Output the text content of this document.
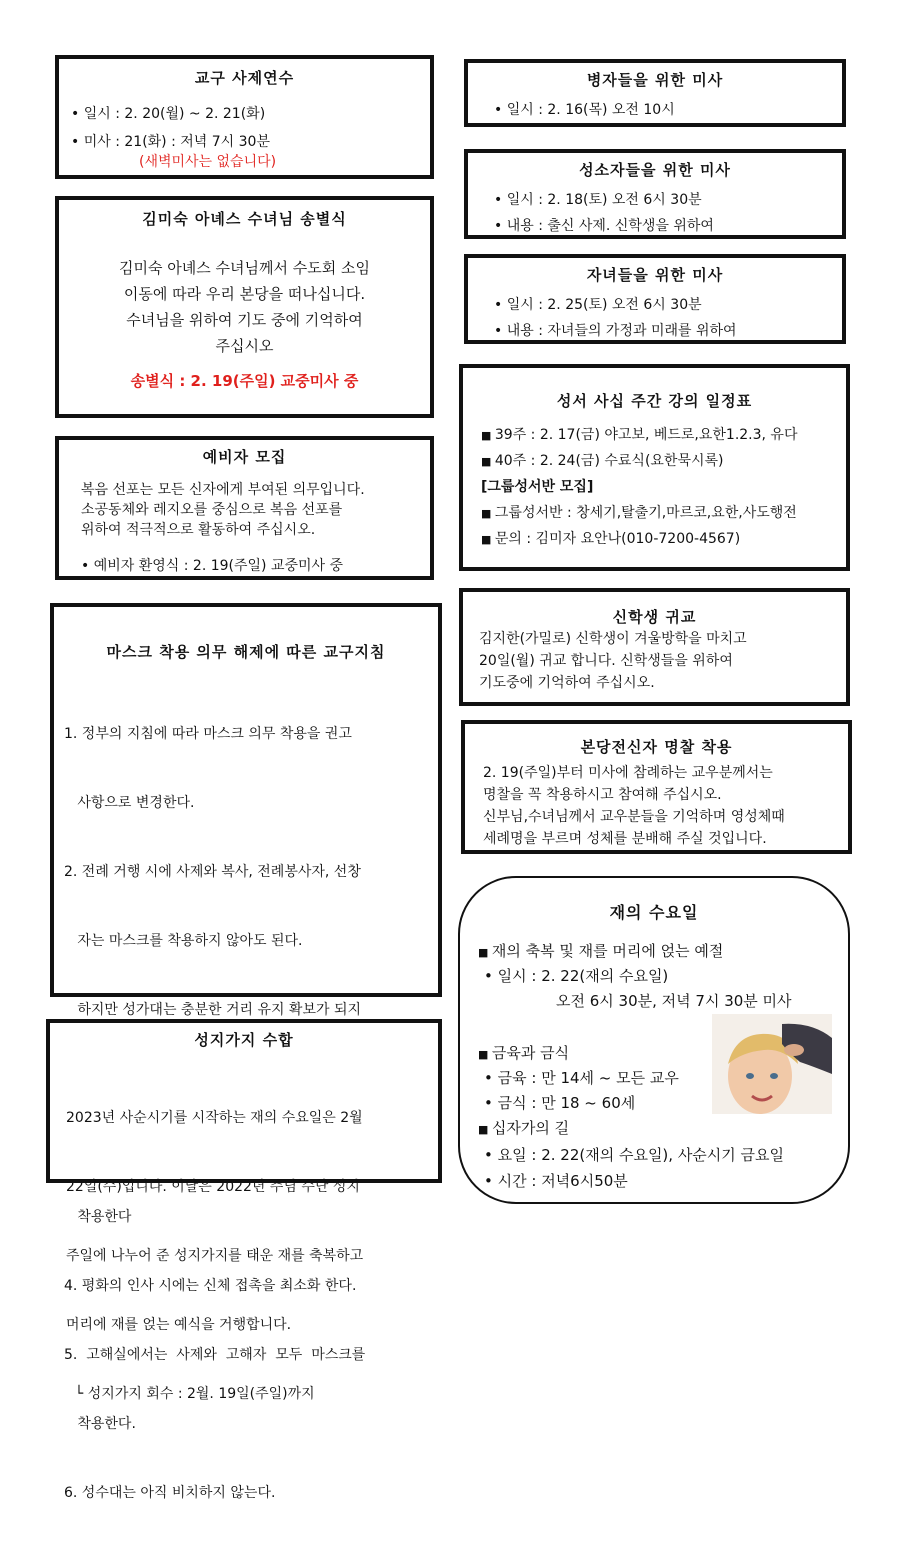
교구 사제연수
• 일시 : 2. 20(월) ~ 2. 21(화)
• 미사 : 21(화) : 저녁 7시 30분
(새벽미사는 없습니다)
김미숙 아녜스 수녀님 송별식
김미숙 아녜스 수녀님께서 수도회 소임
이동에 따라 우리 본당을 떠나십니다.
수녀님을 위하여 기도 중에 기억하여
주십시오
송별식 : 2. 19(주일) 교중미사 중
예비자 모집
복음 선포는 모든 신자에게 부여된 의무입니다.
소공동체와 레지오를 중심으로 복음 선포를
위하여 적극적으로 활동하여 주십시오.
• 예비자 환영식 : 2. 19(주일) 교중미사 중
마스크 착용 의무 해제에 따른 교구지침

1. 정부의 지침에 따라 마스크 의무 착용을 권고

사항으로 변경한다.

2. 전례 거행 시에 사제와 복사, 전례봉사자, 선창

자는 마스크를 착용하지 않아도 된다.

하지만 성가대는 충분한 거리 유지 확보가 되지

착용한다

4. 평화의 인사 시에는 신체 접촉을 최소화 한다.

5.  고해실에서는  사제와  고해자  모두  마스크를

착용한다.

6. 성수대는 아직 비치하지 않는다.

성지가지 수합

2023년 사순시기를 시작하는 재의 수요일은 2월

22일(수)입니다. 이날은 2022년 주님 수난 성지

주일에 나누어 준 성지가지를 태운 재를 축복하고

머리에 재를 얹는 예식을 거행합니다.

└ 성지가지 회수 : 2월. 19일(주일)까지

병자들을 위한 미사
• 일시 : 2. 16(목) 오전 10시
성소자들을 위한 미사
• 일시 : 2. 18(토) 오전 6시 30분
• 내용 : 출신 사제. 신학생을 위하여
자녀들을 위한 미사
• 일시 : 2. 25(토) 오전 6시 30분
• 내용 : 자녀들의 가정과 미래를 위하여
성서 사십 주간 강의 일정표
■ 39주 : 2. 17(금) 야고보, 베드로,요한1.2.3, 유다
■ 40주 : 2. 24(금) 수료식(요한묵시록)
[그룹성서반 모집]
■ 그룹성서반 : 창세기,탈출기,마르코,요한,사도행전
■ 문의 : 김미자 요안나(010-7200-4567)
신학생 귀교
김지한(가밀로) 신학생이 겨울방학을 마치고
20일(월) 귀교 합니다. 신학생들을 위하여
기도중에 기억하여 주십시오.
본당전신자 명찰 착용
2. 19(주일)부터 미사에 참례하는 교우분께서는
명찰을 꼭 착용하시고 참여해 주십시오.
신부님,수녀님께서 교우분들을 기억하며 영성체때
세례명을 부르며 성체를 분배해 주실 것입니다.
재의 수요일
■ 재의 축복 및 재를 머리에 얹는 예절
• 일시 : 2. 22(재의 수요일)
오전 6시 30분, 저녁 7시 30분 미사
■ 금육과 금식
• 금육 : 만 14세 ~ 모든 교우
• 금식 : 만 18 ~ 60세
■ 십자가의 길
• 요일 : 2. 22(재의 수요일), 사순시기 금요일
• 시간 : 저녁6시50분
